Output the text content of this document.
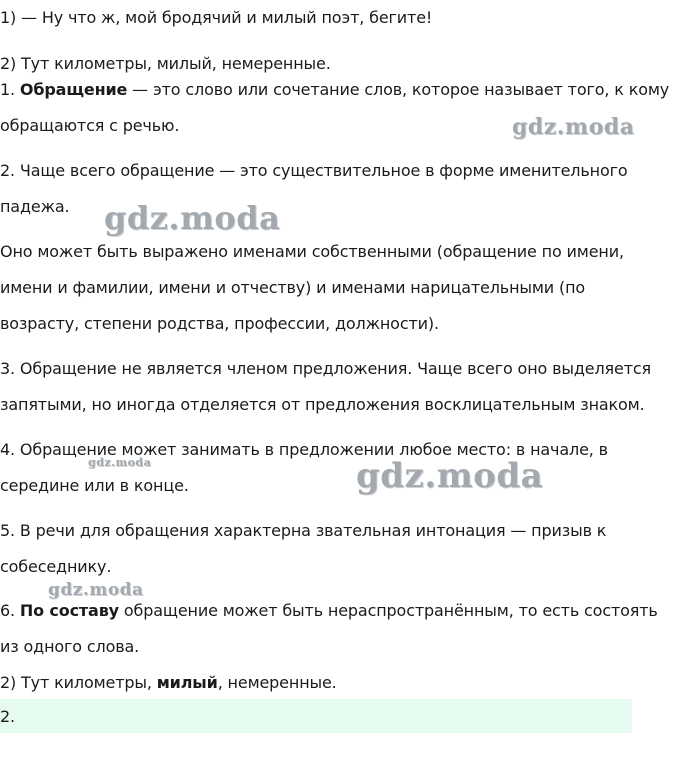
1) — Ну что ж, мой бродячий и милый поэт, бегите!

2) Тут километры, милый, немеренные.

1. Обращение — это слово или сочетание слов, которое называет того, к кому

обращаются с речью.

2. Чаще всего обращение — это существительное в форме именительного

падежа.

Оно может быть выражено именами собственными (обращение по имени,

имени и фамилии, имени и отчеству) и именами нарицательными (по

возрасту, степени родства, профессии, должности).

3. Обращение не является членом предложения. Чаще всего оно выделяется

запятыми, но иногда отделяется от предложения восклицательным знаком.

4. Обращение может занимать в предложении любое место: в начале, в

середине или в конце.

5. В речи для обращения характерна звательная интонация — призыв к

собеседнику.

6. По составу обращение может быть нераспространённым, то есть состоять

из одного слова.

2) Тут километры, милый, немеренные.

2.

gdz.moda
gdz.moda
gdz.moda	gdz.moda
gdz.moda
